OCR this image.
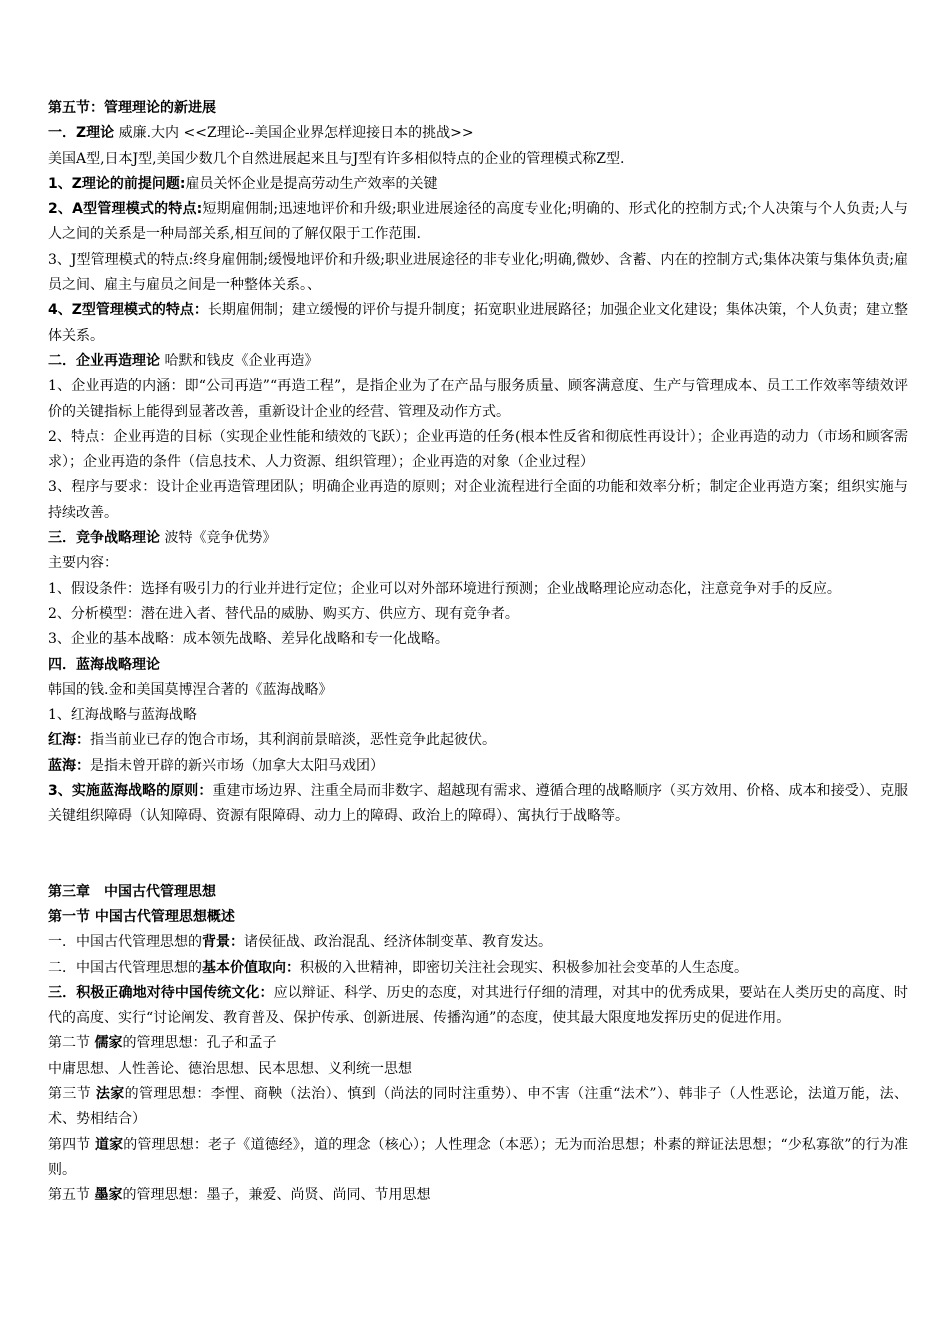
第五节：管理理论的新进展
一．Z理论 威廉.大内 <<Z理论--美国企业界怎样迎接日本的挑战>>
美国A型,日本J型,美国少数几个自然进展起来且与J型有许多相似特点的企业的管理模式称Z型.
1、Z理论的前提问题:雇员关怀企业是提高劳动生产效率的关键
2、A型管理模式的特点:短期雇佣制;迅速地评价和升级;职业进展途径的高度专业化;明确的、形式化的控制方式;个人决策与个人负责;人与人之间的关系是一种局部关系,相互间的了解仅限于工作范围.
3、J型管理模式的特点:终身雇佣制;缓慢地评价和升级;职业进展途径的非专业化;明确,微妙、含蓄、内在的控制方式;集体决策与集体负责;雇员之间、雇主与雇员之间是一种整体关系。、
4、Z型管理模式的特点：长期雇佣制；建立缓慢的评价与提升制度；拓宽职业进展路径；加强企业文化建设；集体决策，个人负责；建立整体关系。
二．企业再造理论 哈默和钱皮《企业再造》
1、企业再造的内涵：即“公司再造”“再造工程”，是指企业为了在产品与服务质量、顾客满意度、生产与管理成本、员工工作效率等绩效评价的关键指标上能得到显著改善，重新设计企业的经营、管理及动作方式。
2、特点：企业再造的目标（实现企业性能和绩效的飞跃）；企业再造的任务(根本性反省和彻底性再设计）；企业再造的动力（市场和顾客需求）；企业再造的条件（信息技术、人力资源、组织管理）；企业再造的对象（企业过程）
3、程序与要求：设计企业再造管理团队；明确企业再造的原则；对企业流程进行全面的功能和效率分析；制定企业再造方案；组织实施与持续改善。
三．竞争战略理论 波特《竞争优势》
主要内容：
1、假设条件：选择有吸引力的行业并进行定位；企业可以对外部环境进行预测；企业战略理论应动态化，注意竞争对手的反应。
2、分析模型：潜在进入者、替代品的威胁、购买方、供应方、现有竞争者。
3、企业的基本战略：成本领先战略、差异化战略和专一化战略。
四．蓝海战略理论
韩国的钱.金和美国莫博涅合著的《蓝海战略》
1、红海战略与蓝海战略
红海：指当前业已存的饱合市场，其利润前景暗淡，恶性竞争此起彼伏。
蓝海：是指未曾开辟的新兴市场（加拿大太阳马戏团）
3、实施蓝海战略的原则：重建市场边界、注重全局而非数字、超越现有需求、遵循合理的战略顺序（买方效用、价格、成本和接受）、克服关键组织障碍（认知障碍、资源有限障碍、动力上的障碍、政治上的障碍）、寓执行于战略等。
第三章　中国古代管理思想
第一节 中国古代管理思想概述
一．中国古代管理思想的背景：诸侯征战、政治混乱、经济体制变革、教育发达。
二．中国古代管理思想的基本价值取向：积极的入世精神，即密切关注社会现实、积极参加社会变革的人生态度。
三．积极正确地对待中国传统文化：应以辩证、科学、历史的态度，对其进行仔细的清理，对其中的优秀成果，要站在人类历史的高度、时代的高度、实行“讨论阐发、教育普及、保护传承、创新进展、传播沟通”的态度，使其最大限度地发挥历史的促进作用。
第二节 儒家的管理思想：孔子和孟子
中庸思想、人性善论、德治思想、民本思想、义利统一思想
第三节 法家的管理思想：李悝、商鞅（法治）、慎到（尚法的同时注重势）、申不害（注重“法术”）、韩非子（人性恶论，法道万能，法、术、势相结合）
第四节 道家的管理思想：老子《道德经》，道的理念（核心）；人性理念（本恶）；无为而治思想；朴素的辩证法思想；“少私寡欲”的行为准则。
第五节 墨家的管理思想：墨子，兼爱、尚贤、尚同、节用思想
